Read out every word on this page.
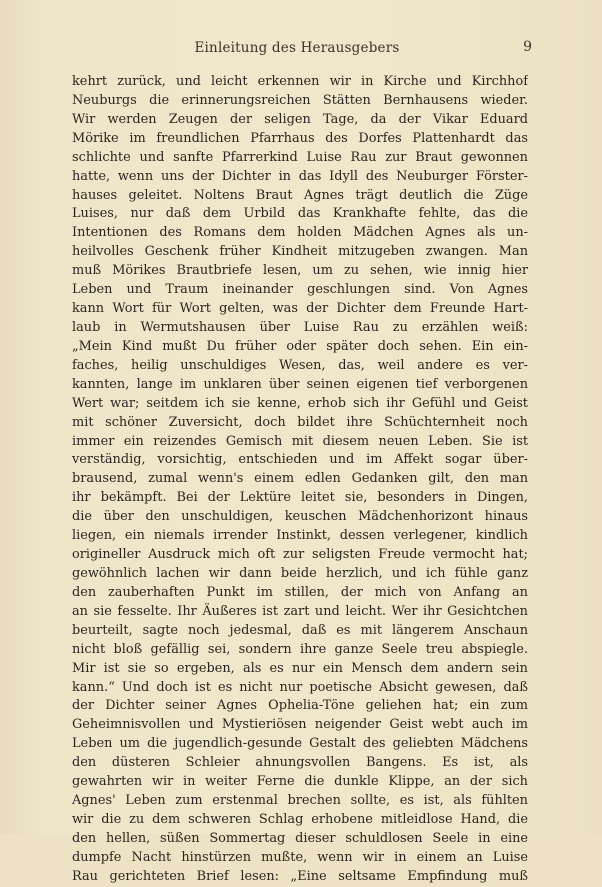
Einleitung des Herausgebers	9
kehrt zurück, und leicht erkennen wir in Kirche und Kirchhof
Neuburgs die erinnerungsreichen Stätten Bernhausens wieder.
Wir werden Zeugen der seligen Tage, da der Vikar Eduard
Mörike im freundlichen Pfarrhaus des Dorfes Plattenhardt das
schlichte und sanfte Pfarrerkind Luise Rau zur Braut gewonnen
hatte, wenn uns der Dichter in das Idyll des Neuburger Förster-
hauses geleitet. Noltens Braut Agnes trägt deutlich die Züge
Luises, nur daß dem Urbild das Krankhafte fehlte, das die
Intentionen des Romans dem holden Mädchen Agnes als un-
heilvolles Geschenk früher Kindheit mitzugeben zwangen. Man
muß Mörikes Brautbriefe lesen, um zu sehen, wie innig hier
Leben und Traum ineinander geschlungen sind. Von Agnes
kann Wort für Wort gelten, was der Dichter dem Freunde Hart-
laub in Wermutshausen über Luise Rau zu erzählen weiß:
„Mein Kind mußt Du früher oder später doch sehen. Ein ein-
faches, heilig unschuldiges Wesen, das, weil andere es ver-
kannten, lange im unklaren über seinen eigenen tief verborgenen
Wert war; seitdem ich sie kenne, erhob sich ihr Gefühl und Geist
mit schöner Zuversicht, doch bildet ihre Schüchternheit noch
immer ein reizendes Gemisch mit diesem neuen Leben. Sie ist
verständig, vorsichtig, entschieden und im Affekt sogar über-
brausend, zumal wenn's einem edlen Gedanken gilt, den man
ihr bekämpft. Bei der Lektüre leitet sie, besonders in Dingen,
die über den unschuldigen, keuschen Mädchenhorizont hinaus
liegen, ein niemals irrender Instinkt, dessen verlegener, kindlich
origineller Ausdruck mich oft zur seligsten Freude vermocht hat;
gewöhnlich lachen wir dann beide herzlich, und ich fühle ganz
den zauberhaften Punkt im stillen, der mich von Anfang an
an sie fesselte. Ihr Äußeres ist zart und leicht. Wer ihr Gesichtchen
beurteilt, sagte noch jedesmal, daß es mit längerem Anschaun
nicht bloß gefällig sei, sondern ihre ganze Seele treu abspiegle.
Mir ist sie so ergeben, als es nur ein Mensch dem andern sein
kann.“ Und doch ist es nicht nur poetische Absicht gewesen, daß
der Dichter seiner Agnes Ophelia-Töne geliehen hat; ein zum
Geheimnisvollen und Mystieriösen neigender Geist webt auch im
Leben um die jugendlich-gesunde Gestalt des geliebten Mädchens
den düsteren Schleier ahnungsvollen Bangens. Es ist, als
gewahrten wir in weiter Ferne die dunkle Klippe, an der sich
Agnes' Leben zum erstenmal brechen sollte, es ist, als fühlten
wir die zu dem schweren Schlag erhobene mitleidlose Hand, die
den hellen, süßen Sommertag dieser schuldlosen Seele in eine
dumpfe Nacht hinstürzen mußte, wenn wir in einem an Luise
Rau gerichteten Brief lesen: „Eine seltsame Empfindung muß
